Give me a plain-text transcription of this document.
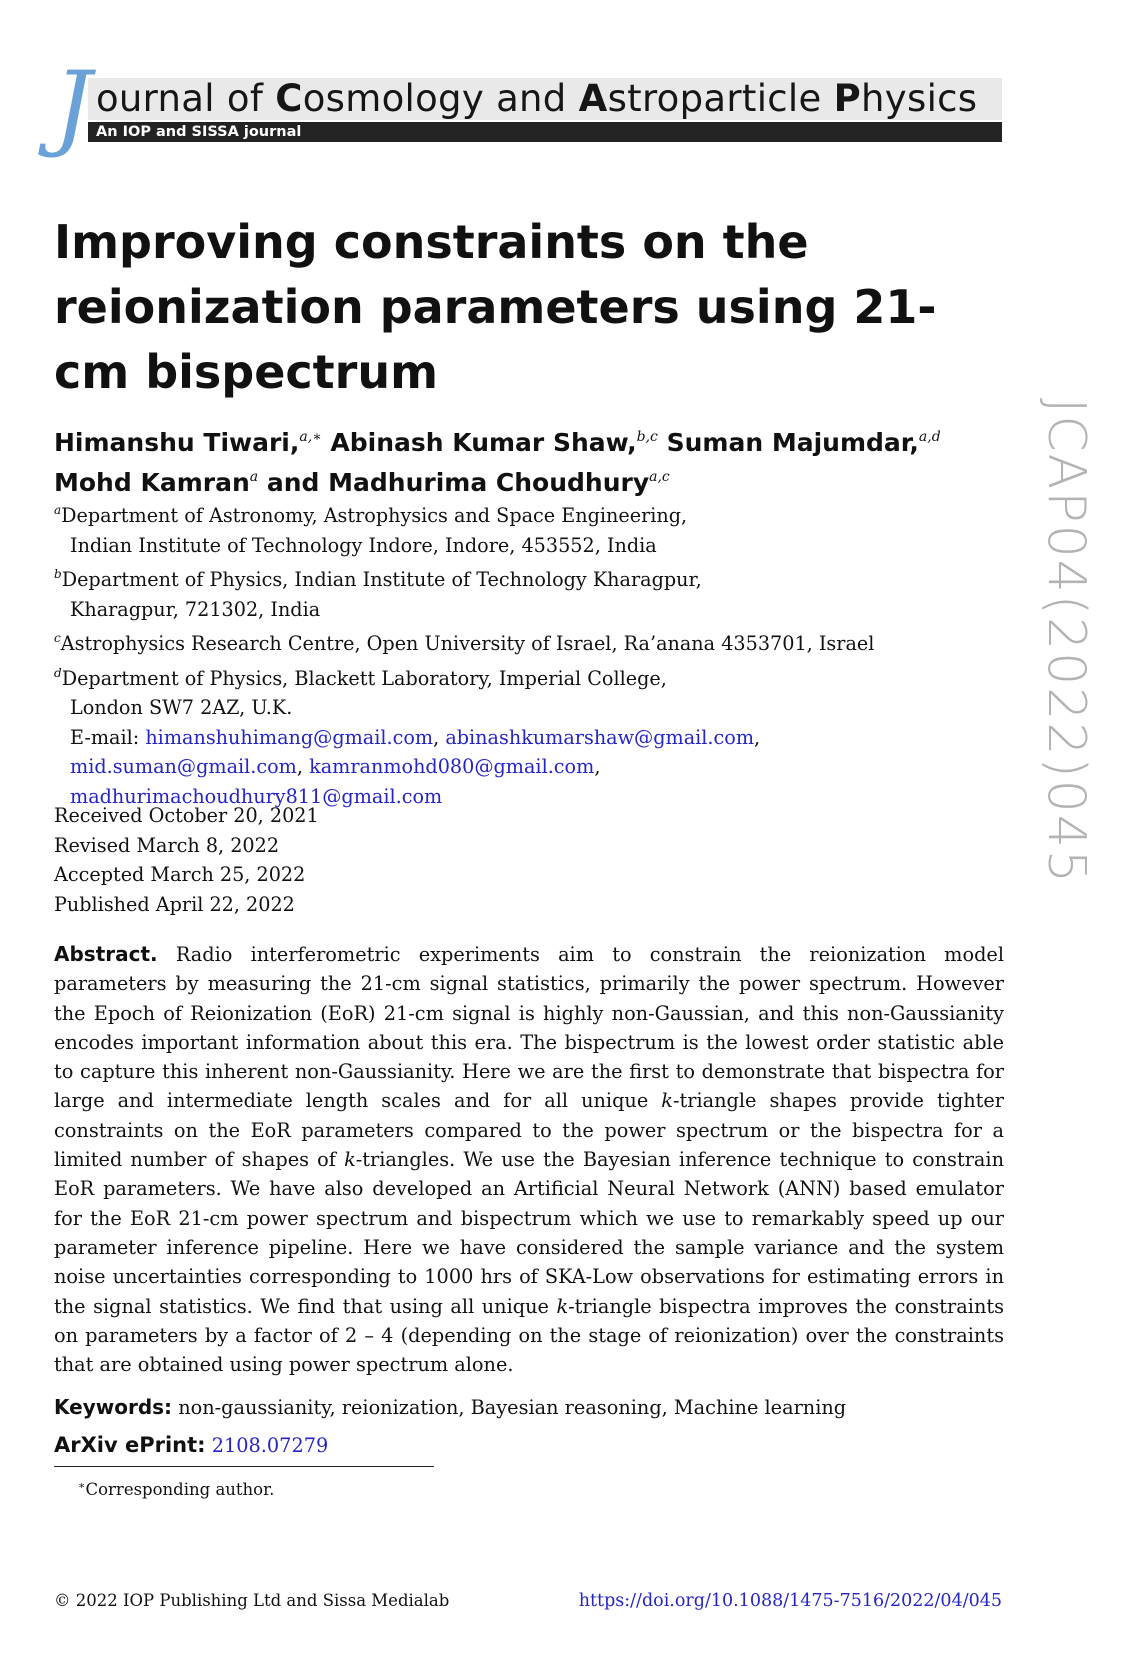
J ournal of Cosmology and Astroparticle Physics
An IOP and SISSA journal
Improving constraints on the reionization parameters using 21-cm bispectrum
Himanshu Tiwari,$^{a,∗}$ Abinash Kumar Shaw,$^{b,c}$ Suman Majumdar,$^{a,d}$
Mohd Kamran$^a$ and Madhurima Choudhury$^{a,c}$
$^a$Department of Astronomy, Astrophysics and Space Engineering,
Indian Institute of Technology Indore, Indore, 453552, India
$^b$Department of Physics, Indian Institute of Technology Kharagpur,
Kharagpur, 721302, India
$^c$Astrophysics Research Centre, Open University of Israel, Ra’anana 4353701, Israel
$^d$Department of Physics, Blackett Laboratory, Imperial College,
London SW7 2AZ, U.K.
E-mail: himanshuhimang@gmail.com, abinashkumarshaw@gmail.com,
mid.suman@gmail.com, kamranmohd080@gmail.com,
madhurimachoudhury811@gmail.com
Received October 20, 2021
Revised March 8, 2022
Accepted March 25, 2022
Published April 22, 2022

Abstract. Radio interferometric experiments aim to constrain the reionization model parameters by measuring the 21-cm signal statistics, primarily the power spectrum. However the Epoch of Reionization (EoR) 21-cm signal is highly non-Gaussian, and this non-Gaussianity encodes important information about this era. The bispectrum is the lowest order statistic able to capture this inherent non-Gaussianity. Here we are the first to demonstrate that bispectra for large and intermediate length scales and for all unique k-triangle shapes provide tighter constraints on the EoR parameters compared to the power spectrum or the bispectra for a limited number of shapes of k-triangles. We use the Bayesian inference technique to constrain EoR parameters. We have also developed an Artificial Neural Network (ANN) based emulator for the EoR 21-cm power spectrum and bispectrum which we use to remarkably speed up our parameter inference pipeline. Here we have considered the sample variance and the system noise uncertainties corresponding to 1000 hrs of SKA-Low observations for estimating errors in the signal statistics. We find that using all unique k-triangle bispectra improves the constraints on parameters by a factor of 2 – 4 (depending on the stage of reionization) over the constraints that are obtained using power spectrum alone.

Keywords: non-gaussianity, reionization, Bayesian reasoning, Machine learning
ArXiv ePrint: 2108.07279
∗Corresponding author.
© 2022 IOP Publishing Ltd and Sissa Medialab	https://doi.org/10.1088/1475-7516/2022/04/045
JCAP04(2022)045
